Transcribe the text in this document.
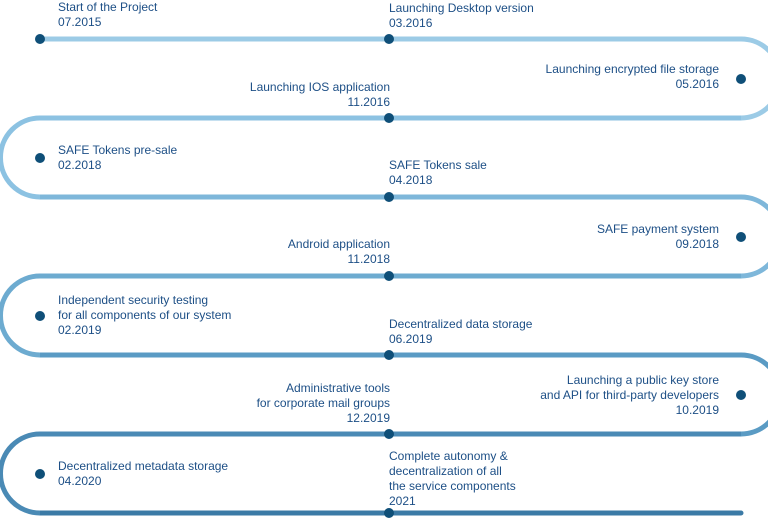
Start of the Project
07.2015
Launching Desktop version
03.2016
Launching encrypted file storage
05.2016
Launching IOS application
11.2016
SAFE Tokens pre-sale
02.2018	SAFE Tokens sale
04.2018
SAFE payment system
09.2018
Android application
11.2018
Independent security testing
for all components of our system
02.2019	Decentralized data storage
06.2019
Launching a public key store
and API for third-party developers
10.2019
Administrative tools
for corporate mail groups
12.2019
Decentralized metadata storage
04.2020
Complete autonomy &
decentralization of all
the service components
2021
